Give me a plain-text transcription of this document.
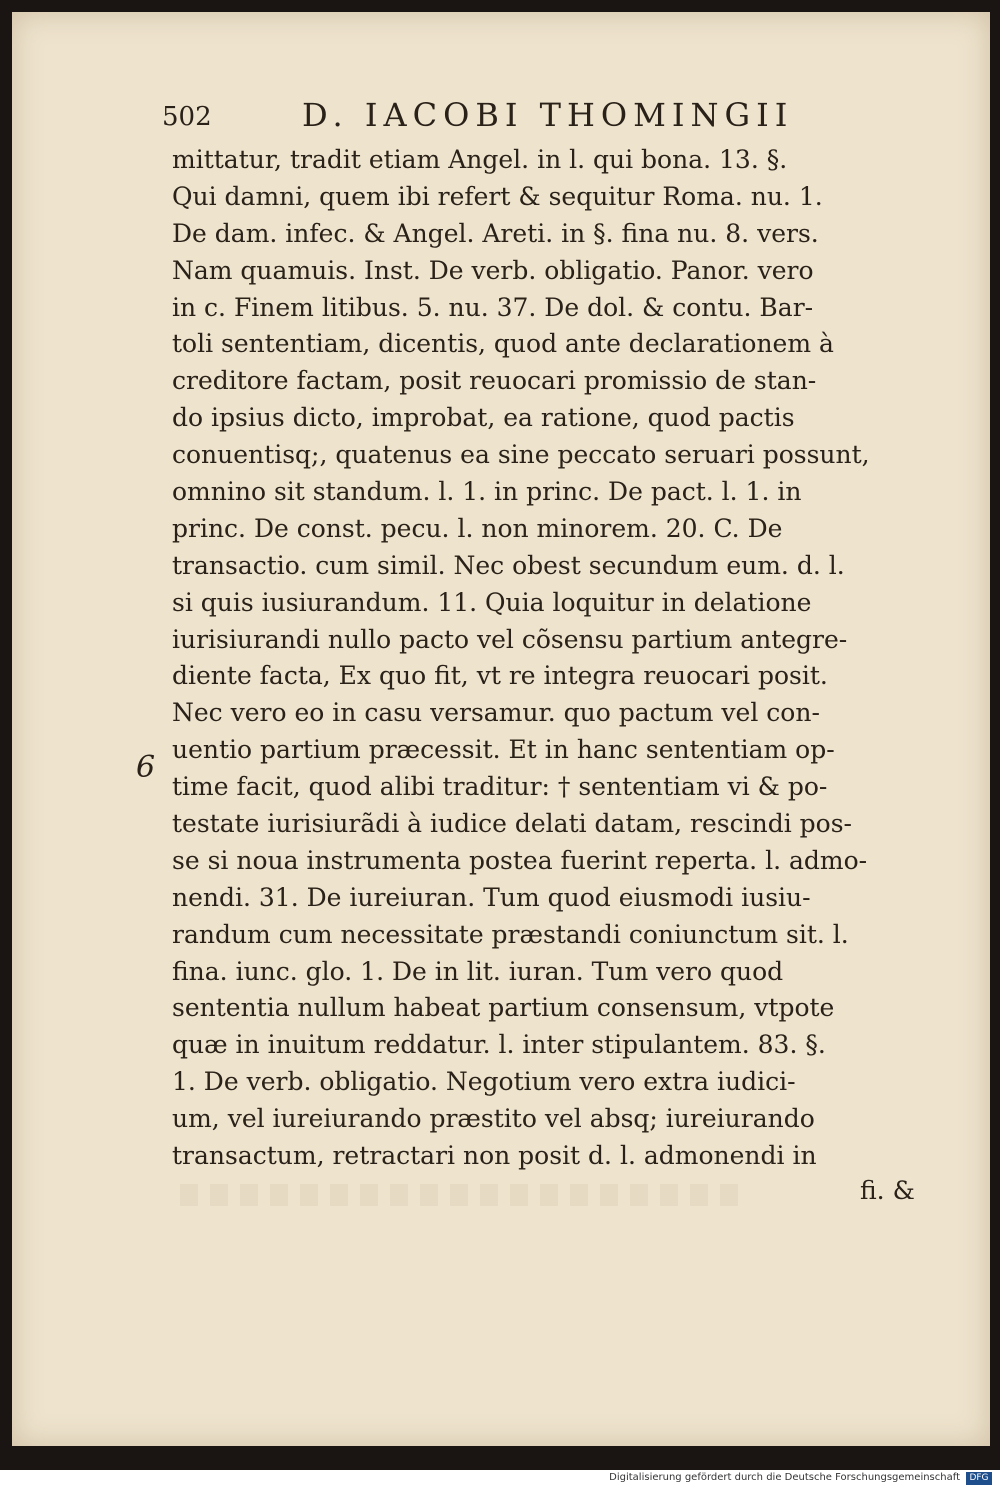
502	D. IACOBI THOMINGII
6
mittatur, tradit etiam Angel. in l. qui bona. 13. §.
Qui damni, quem ibi refert & sequitur Roma. nu. 1.
De dam. infec. & Angel. Areti. in §. fina nu. 8. vers.
Nam quamuis. Inst. De verb. obligatio. Panor. vero
in c. Finem litibus. 5. nu. 37. De dol. & contu. Bar-
toli sententiam, dicentis, quod ante declarationem à
creditore factam, posit reuocari promissio de stan-
do ipsius dicto, improbat, ea ratione, quod pactis
conuentisq;, quatenus ea sine peccato seruari possunt,
omnino sit standum. l. 1. in princ. De pact. l. 1. in
princ. De const. pecu. l. non minorem. 20. C. De
transactio. cum simil. Nec obest secundum eum. d. l.
si quis iusiurandum. 11. Quia loquitur in delatione
iurisiurandi nullo pacto vel cõsensu partium antegre-
diente facta, Ex quo fit, vt re integra reuocari posit.
Nec vero eo in casu versamur. quo pactum vel con-
uentio partium præcessit. Et in hanc sententiam op-
time facit, quod alibi traditur: † sententiam vi & po-
testate iurisiurãdi à iudice delati datam, rescindi pos-
se si noua instrumenta postea fuerint reperta. l. admo-
nendi. 31. De iureiuran. Tum quod eiusmodi iusiu-
randum cum necessitate præstandi coniunctum sit. l.
fina. iunc. glo. 1. De in lit. iuran. Tum vero quod
sententia nullum habeat partium consensum, vtpote
quæ in inuitum reddatur. l. inter stipulantem. 83. §.
1. De verb. obligatio. Negotium vero extra iudici-
um, vel iureiurando præstito vel absq; iureiurando
transactum, retractari non posit d. l. admonendi in
fi. &
Digitalisierung gefördert durch die Deutsche Forschungsgemeinschaft	DFG
